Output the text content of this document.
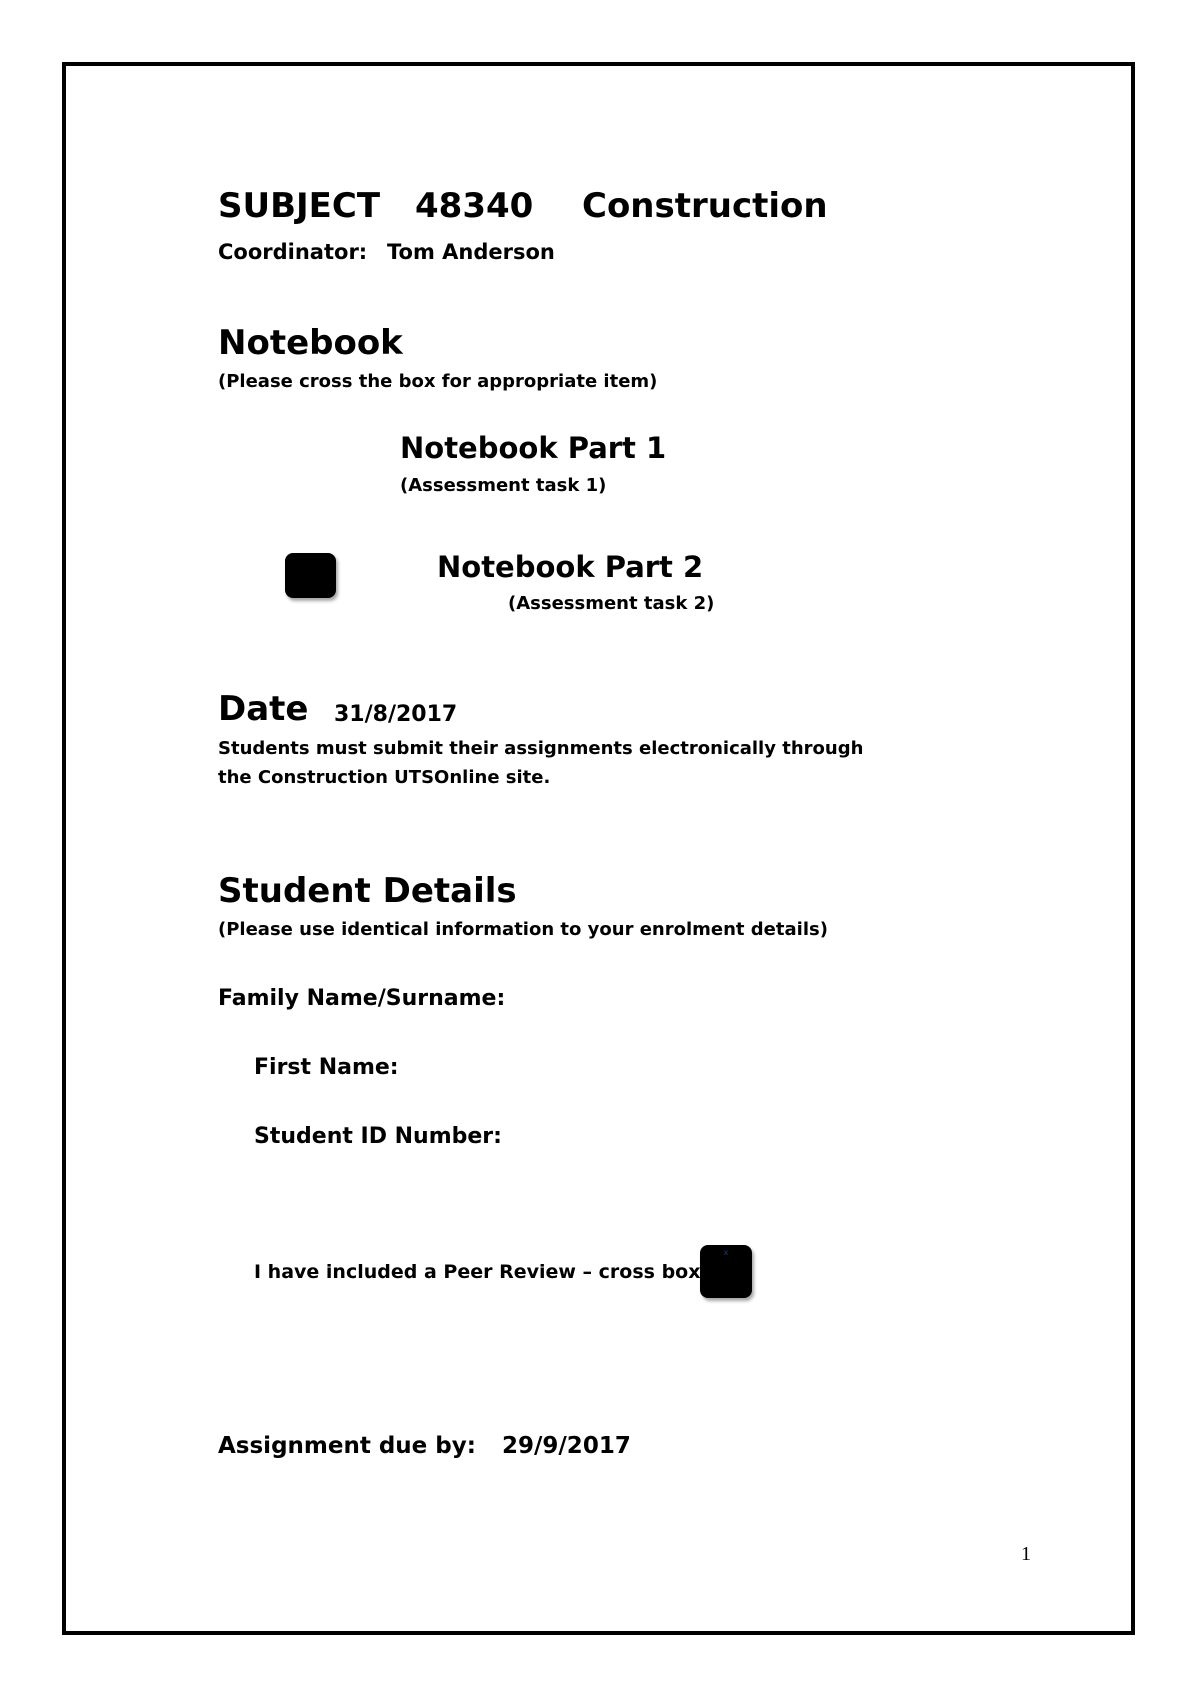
SUBJECT 48340 Construction
Coordinator: Tom Anderson
Notebook
(Please cross the box for appropriate item)
Notebook Part 1
(Assessment task 1)
Notebook Part 2
(Assessment task 2)
Date 31/8/2017
Students must submit their assignments electronically through
the Construction UTSOnline site.
Student Details
(Please use identical information to your enrolment details)
Family Name/Surname:
First Name:
Student ID Number:
I have included a Peer Review – cross box
x
Assignment due by: 29/9/2017
1
